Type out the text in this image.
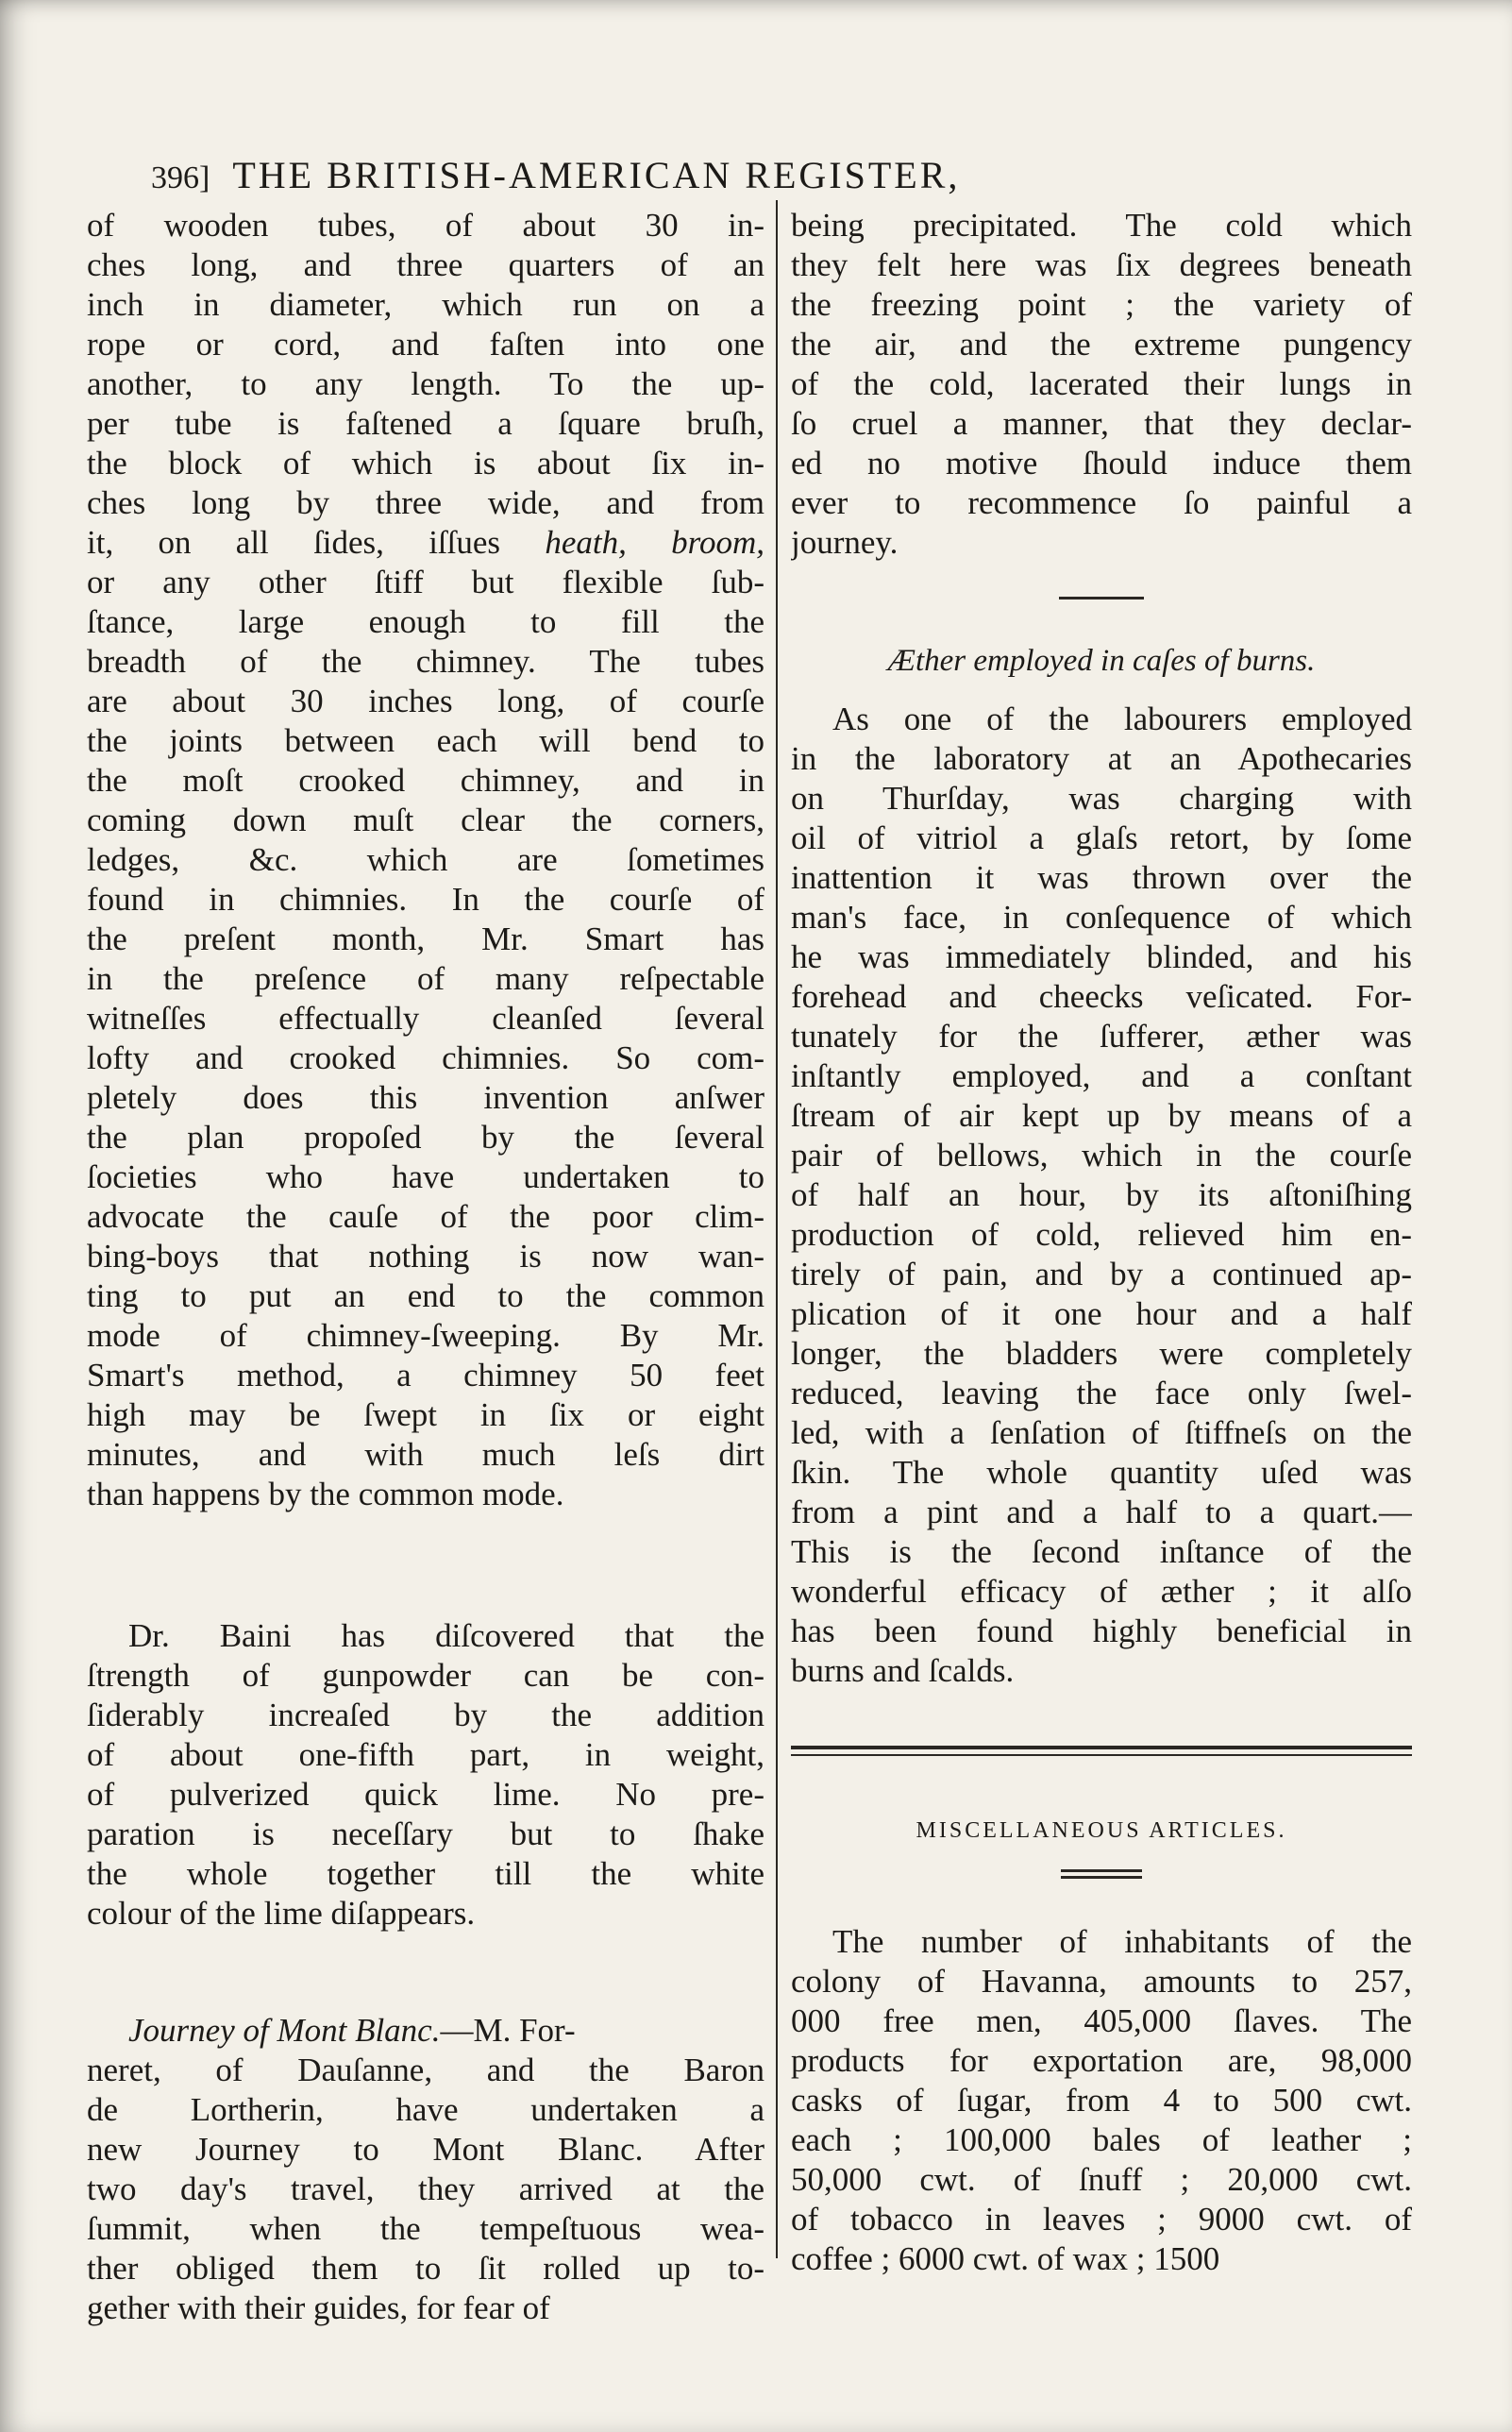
396] THE BRITISH-AMERICAN REGISTER,
of wooden tubes, of about 30 in-
ches long, and three quarters of an
inch in diameter, which run on a
rope or cord, and faſten into one
another, to any length. To the up-
per tube is faſtened a ſquare bruſh,
the block of which is about ſix in-
ches long by three wide, and from
it, on all ſides, iſſues heath, broom,
or any other ſtiff but flexible ſub-
ſtance, large enough to fill the
breadth of the chimney. The tubes
are about 30 inches long, of courſe
the joints between each will bend to
the moſt crooked chimney, and in
coming down muſt clear the corners,
ledges, &c. which are ſometimes
found in chimnies. In the courſe of
the preſent month, Mr. Smart has
in the preſence of many reſpectable
witneſſes effectually cleanſed ſeveral
lofty and crooked chimnies. So com-
pletely does this invention anſwer
the plan propoſed by the ſeveral
ſocieties who have undertaken to
advocate the cauſe of the poor clim-
bing-boys that nothing is now wan-
ting to put an end to the common
mode of chimney-ſweeping. By Mr.
Smart's method, a chimney 50 feet
high may be ſwept in ſix or eight
minutes, and with much leſs dirt
than happens by the common mode.
Dr. Baini has diſcovered that the
ſtrength of gunpowder can be con-
ſiderably increaſed by the addition
of about one-fifth part, in weight,
of pulverized quick lime. No pre-
paration is neceſſary but to ſhake
the whole together till the white
colour of the lime diſappears.
Journey of Mont Blanc.—M. For-
neret, of Dauſanne, and the Baron
de Lortherin, have undertaken a
new Journey to Mont Blanc. After
two day's travel, they arrived at the
ſummit, when the tempeſtuous wea-
ther obliged them to ſit rolled up to-
gether with their guides, for fear of
being precipitated. The cold which
they felt here was ſix degrees beneath
the freezing point ; the variety of
the air, and the extreme pungency
of the cold, lacerated their lungs in
ſo cruel a manner, that they declar-
ed no motive ſhould induce them
ever to recommence ſo painful a
journey.
Æther employed in caſes of burns.
As one of the labourers employed
in the laboratory at an Apothecaries
on Thurſday, was charging with
oil of vitriol a glaſs retort, by ſome
inattention it was thrown over the
man's face, in conſequence of which
he was immediately blinded, and his
forehead and cheecks veſicated. For-
tunately for the ſufferer, æther was
inſtantly employed, and a conſtant
ſtream of air kept up by means of a
pair of bellows, which in the courſe
of half an hour, by its aſtoniſhing
production of cold, relieved him en-
tirely of pain, and by a continued ap-
plication of it one hour and a half
longer, the bladders were completely
reduced, leaving the face only ſwel-
led, with a ſenſation of ſtiffneſs on the
ſkin. The whole quantity uſed was
from a pint and a half to a quart.—
This is the ſecond inſtance of the
wonderful efficacy of æther ; it alſo
has been found highly beneficial in
burns and ſcalds.
MISCELLANEOUS ARTICLES.
The number of inhabitants of the
colony of Havanna, amounts to 257,
000 free men, 405,000 ſlaves. The
products for exportation are, 98,000
casks of ſugar, from 4 to 500 cwt.
each ; 100,000 bales of leather ;
50,000 cwt. of ſnuff ; 20,000 cwt.
of tobacco in leaves ; 9000 cwt. of
coffee ; 6000 cwt. of wax ; 1500
